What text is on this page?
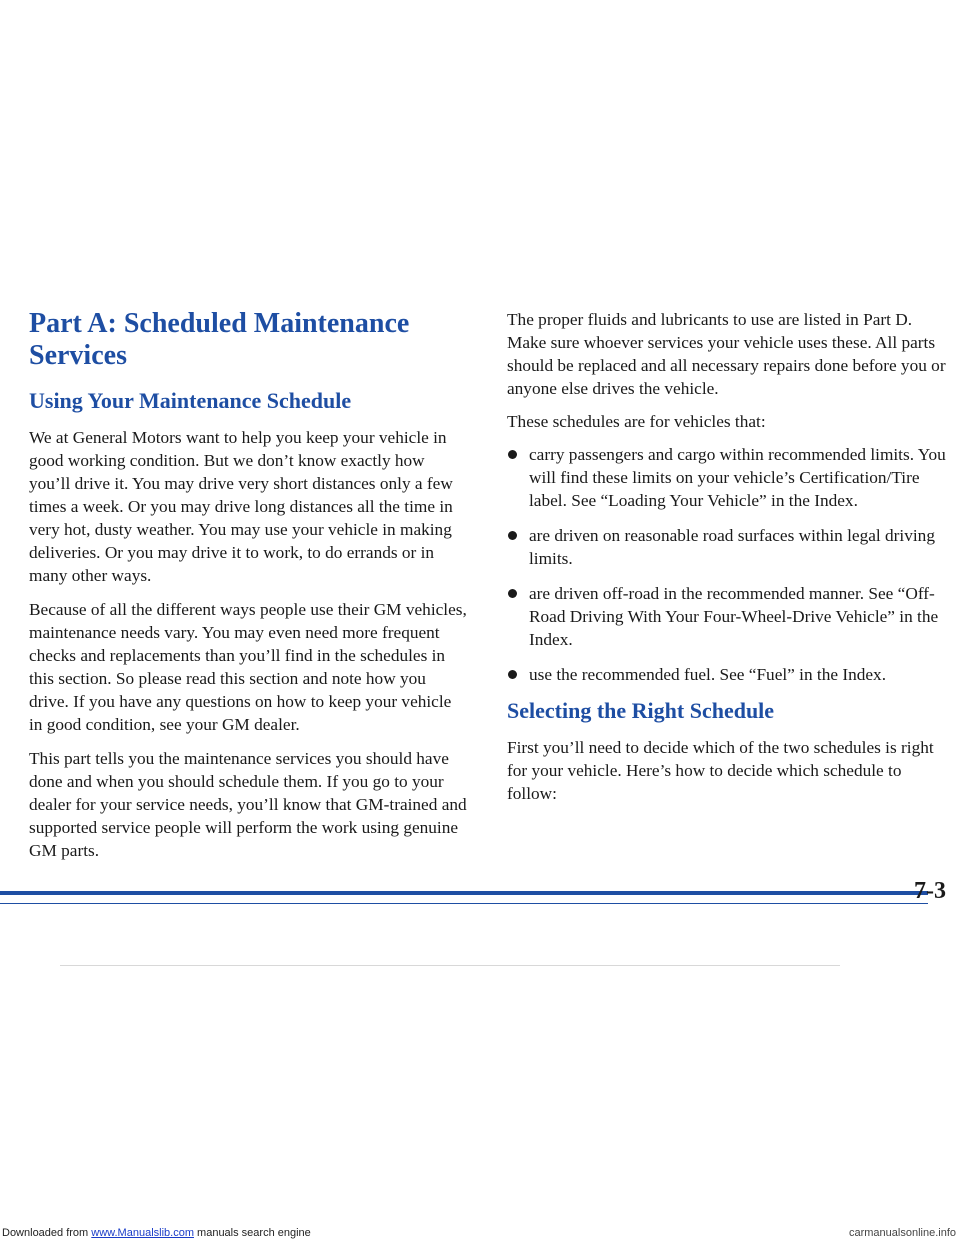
Part A: Scheduled Maintenance Services
Using Your Maintenance Schedule

We at General Motors want to help you keep your vehicle in good working condition. But we don’t know exactly how you’ll drive it. You may drive very short distances only a few times a week. Or you may drive long distances all the time in very hot, dusty weather. You may use your vehicle in making deliveries. Or you may drive it to work, to do errands or in many other ways.

Because of all the different ways people use their GM vehicles, maintenance needs vary. You may even need more frequent checks and replacements than you’ll find in the schedules in this section. So please read this section and note how you drive. If you have any questions on how to keep your vehicle in good condition, see your GM dealer.

This part tells you the maintenance services you should have done and when you should schedule them. If you go to your dealer for your service needs, you’ll know that GM-trained and supported service people will perform the work using genuine GM parts.

The proper fluids and lubricants to use are listed in Part D. Make sure whoever services your vehicle uses these. All parts should be replaced and all necessary repairs done before you or anyone else drives the vehicle.

These schedules are for vehicles that:

carry passengers and cargo within recommended limits. You will find these limits on your vehicle’s Certification/Tire label. See “Loading Your Vehicle” in the Index.
are driven on reasonable road surfaces within legal driving limits.
are driven off-road in the recommended manner. See “Off-Road Driving With Your Four-Wheel-Drive Vehicle” in the Index.
use the recommended fuel. See “Fuel” in the Index.
Selecting the Right Schedule

First you’ll need to decide which of the two schedules is right for your vehicle. Here’s how to decide which schedule to follow:

7-3
Downloaded from www.Manualslib.com manuals search engine	carmanualsonline.info
